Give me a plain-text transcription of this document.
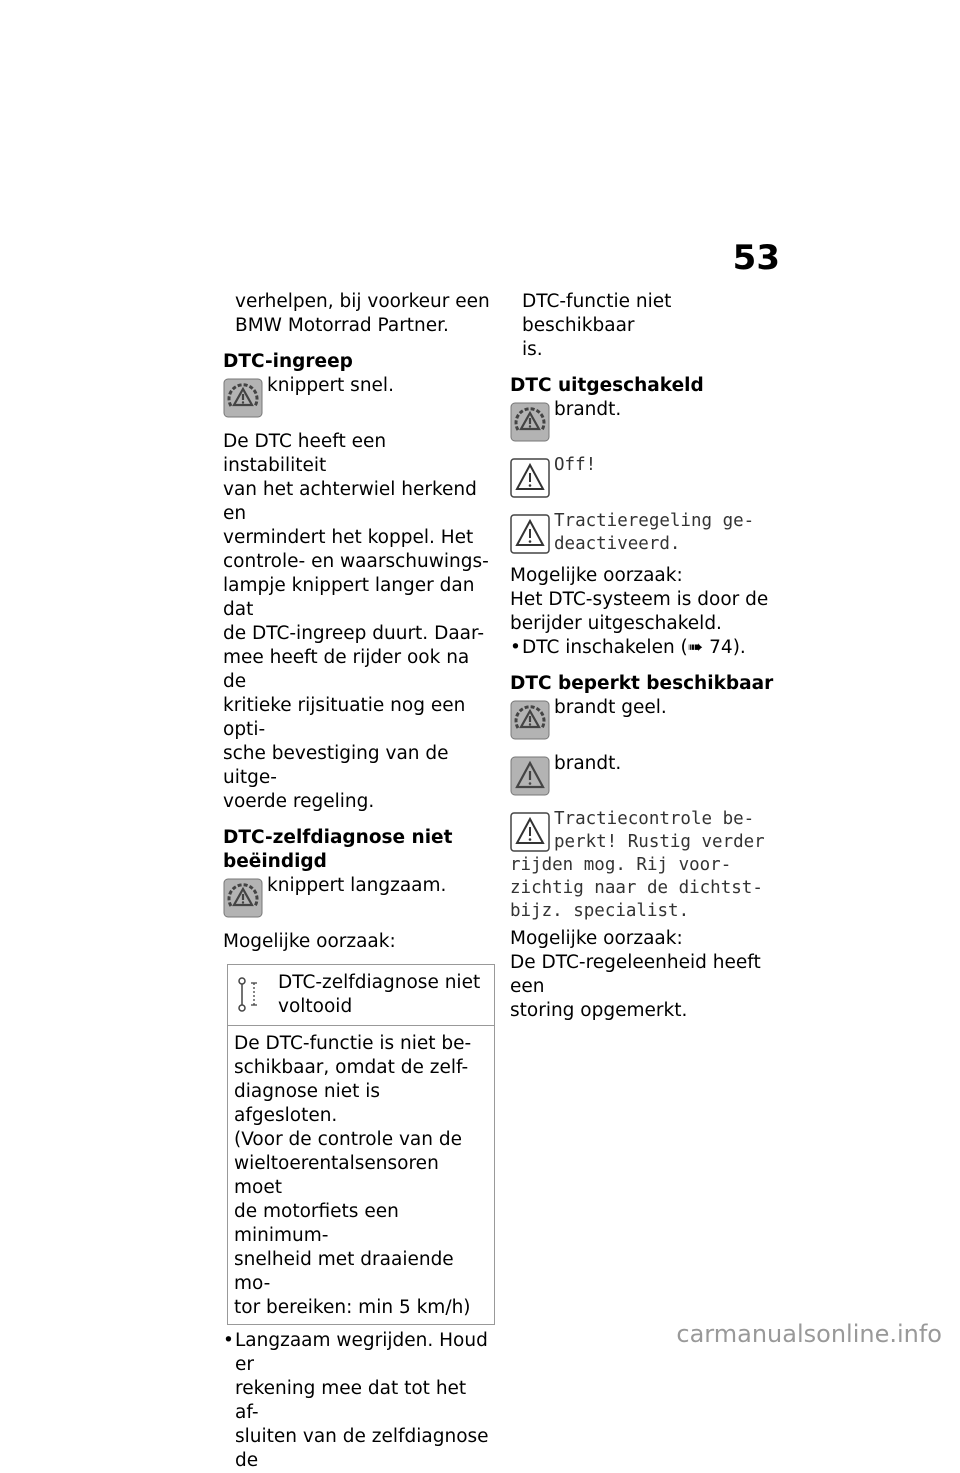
53

verhelpen, bij voorkeur een

BMW Motorrad Partner.

DTC-ingreep

knippert snel.

De DTC heeft een instabiliteit

van het achterwiel herkend en

vermindert het koppel. Het

controle- en waarschuwings-

lampje knippert langer dan dat

de DTC-ingreep duurt. Daar-

mee heeft de rijder ook na de

kritieke rijsituatie nog een opti-

sche bevestiging van de uitge-

voerde regeling.

DTC-zelfdiagnose niet

beëindigd

knippert langzaam.

Mogelijke oorzaak:

DTC-zelfdiagnose niet

voltooid

De DTC-functie is niet be-

schikbaar, omdat de zelf-

diagnose niet is afgesloten.

(Voor de controle van de

wieltoerentalsensoren moet

de motorfiets een minimum-

snelheid met draaiende mo-

tor bereiken: min 5 km/h)

• Langzaam wegrijden. Houd er

rekening mee dat tot het af-

sluiten van de zelfdiagnose de

DTC-functie niet beschikbaar

is.

DTC uitgeschakeld

brandt.
Off!
Tractieregeling ge-
deactiveerd.

Mogelijke oorzaak:

Het DTC-systeem is door de

berijder uitgeschakeld.

• DTC inschakelen (➠ 74).

DTC beperkt beschikbaar

brandt geel.
brandt.
Tractiecontrole be-
perkt! Rustig verder
rijden mog. Rij voor-
zichtig naar de dichtst-
bijz. specialist.

Mogelijke oorzaak:

De DTC-regeleenheid heeft een

storing opgemerkt.

carmanualsonline.info
